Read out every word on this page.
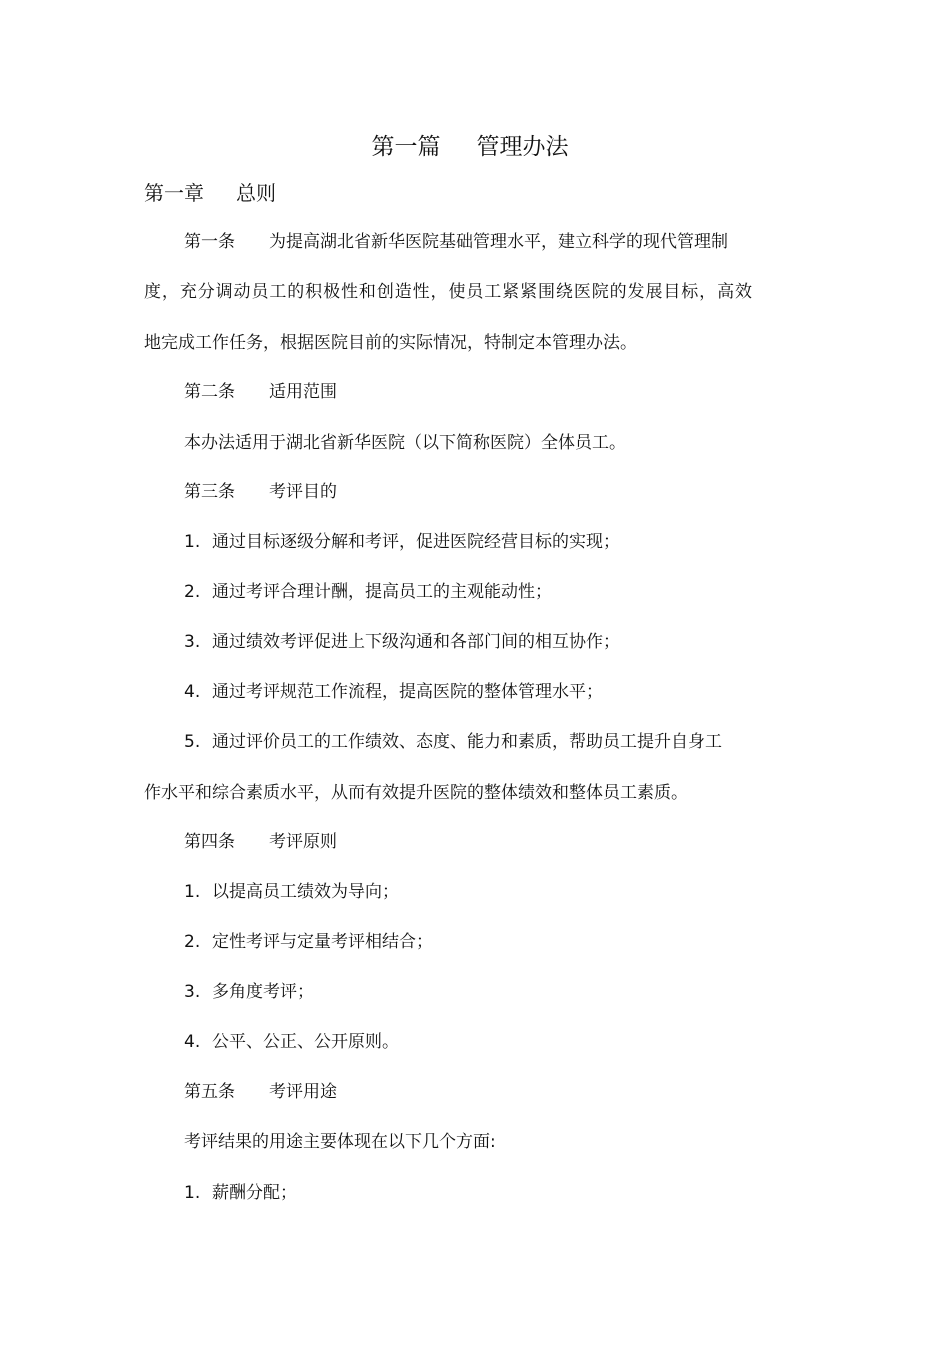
第一篇 管理办法
第一章 总则
第一条 为提高湖北省新华医院基础管理水平，建立科学的现代管理制
度，充分调动员工的积极性和创造性，使员工紧紧围绕医院的发展目标，高效
地完成工作任务，根据医院目前的实际情况，特制定本管理办法。
第二条 适用范围
本办法适用于湖北省新华医院（以下简称医院）全体员工。
第三条 考评目的
1. 通过目标逐级分解和考评，促进医院经营目标的实现；
2. 通过考评合理计酬，提高员工的主观能动性；
3. 通过绩效考评促进上下级沟通和各部门间的相互协作；
4. 通过考评规范工作流程，提高医院的整体管理水平；
5. 通过评价员工的工作绩效、态度、能力和素质，帮助员工提升自身工
作水平和综合素质水平，从而有效提升医院的整体绩效和整体员工素质。
第四条 考评原则
1. 以提高员工绩效为导向；
2. 定性考评与定量考评相结合；
3. 多角度考评；
4. 公平、公正、公开原则。
第五条 考评用途
考评结果的用途主要体现在以下几个方面:
1. 薪酬分配；
